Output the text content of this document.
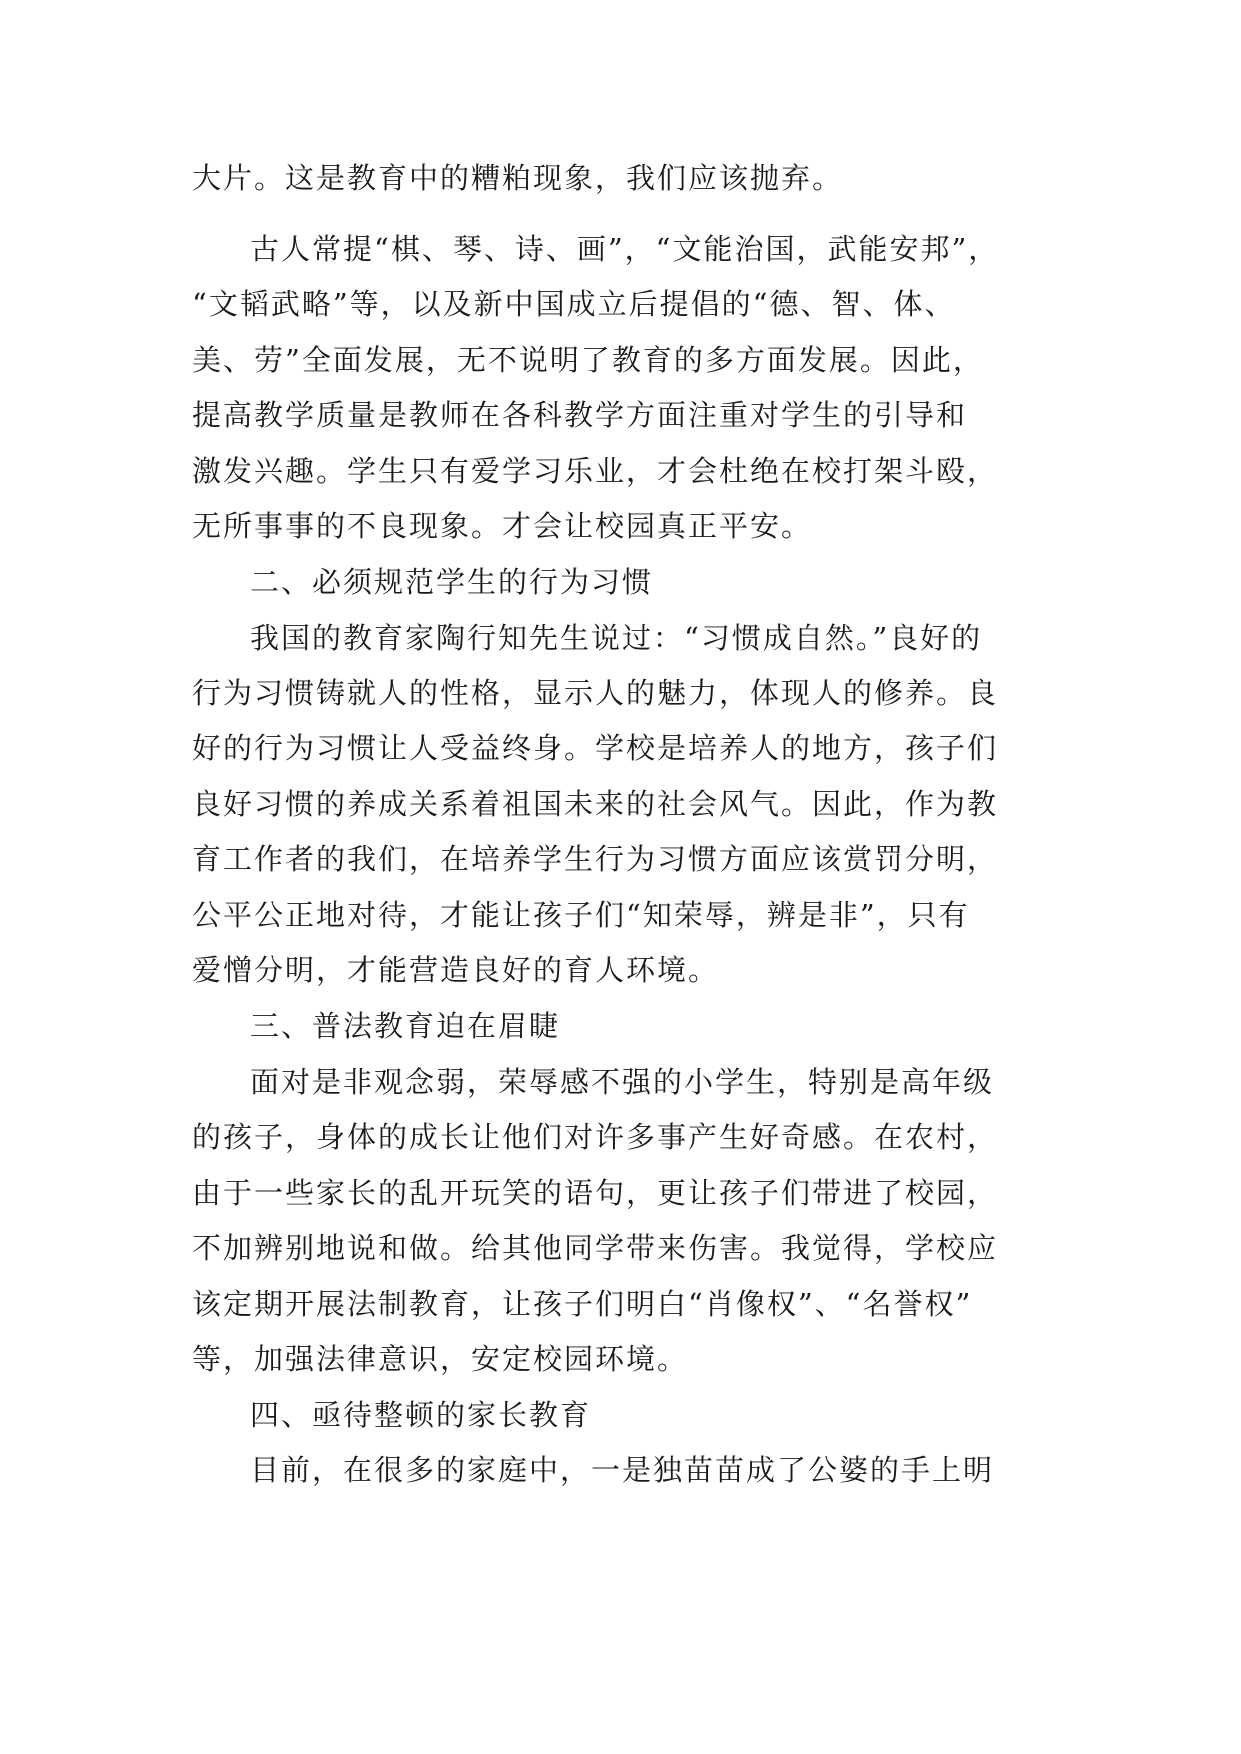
大片。这是教育中的糟粕现象，我们应该抛弃。
古人常提“棋、琴、诗、画”，“文能治国，武能安邦”，
“文韬武略”等，以及新中国成立后提倡的“德、智、体、
美、劳”全面发展，无不说明了教育的多方面发展。因此，
提高教学质量是教师在各科教学方面注重对学生的引导和
激发兴趣。学生只有爱学习乐业，才会杜绝在校打架斗殴，
无所事事的不良现象。才会让校园真正平安。
二、必须规范学生的行为习惯
我国的教育家陶行知先生说过：“习惯成自然。”良好的
行为习惯铸就人的性格，显示人的魅力，体现人的修养。良
好的行为习惯让人受益终身。学校是培养人的地方，孩子们
良好习惯的养成关系着祖国未来的社会风气。因此，作为教
育工作者的我们，在培养学生行为习惯方面应该赏罚分明，
公平公正地对待，才能让孩子们“知荣辱，辨是非”，只有
爱憎分明，才能营造良好的育人环境。
三、普法教育迫在眉睫
面对是非观念弱，荣辱感不强的小学生，特别是高年级
的孩子，身体的成长让他们对许多事产生好奇感。在农村，
由于一些家长的乱开玩笑的语句，更让孩子们带进了校园，
不加辨别地说和做。给其他同学带来伤害。我觉得，学校应
该定期开展法制教育，让孩子们明白“肖像权”、“名誉权”
等，加强法律意识，安定校园环境。
四、亟待整顿的家长教育
目前，在很多的家庭中，一是独苗苗成了公婆的手上明
